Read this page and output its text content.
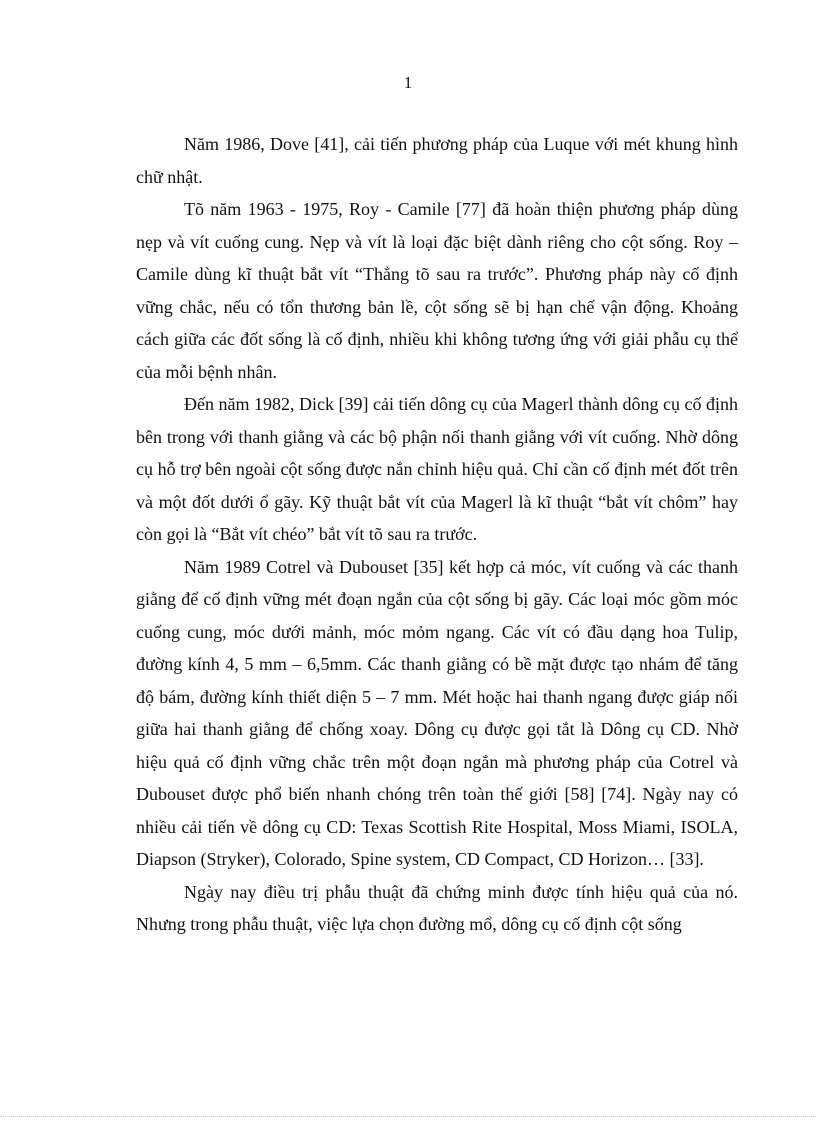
1

Năm 1986, Dove [41], cải tiến phương pháp của Luque với mét khung hình chữ nhật.

Tõ năm 1963 - 1975, Roy - Camile [77] đã hoàn thiện phương pháp dùng nẹp và vít cuống cung. Nẹp và vít là loại đặc biệt dành riêng cho cột sống. Roy – Camile dùng kĩ thuật bắt vít “Thẳng tõ sau ra trước”. Phương pháp này cố định vững chắc, nếu có tổn thương bản lề, cột sống sẽ bị hạn chế vận động. Khoảng cách giữa các đốt sống là cố định, nhiều khi không tương ứng với giải phẫu cụ thể của mỗi bệnh nhân.

Đến năm 1982, Dick [39] cải tiến dông cụ của Magerl thành dông cụ cố định bên trong với thanh giằng và các bộ phận nối thanh giằng với vít cuống. Nhờ dông cụ hỗ trợ bên ngoài cột sống được nắn chỉnh hiệu quả. Chỉ cần cố định mét đốt trên và một đốt dưới ổ gãy. Kỹ thuật bắt vít của Magerl là kĩ thuật “bắt vít chôm” hay còn gọi là “Bắt vít chéo” bắt vít tõ sau ra trước.

Năm 1989 Cotrel và Dubouset [35] kết hợp cả móc, vít cuống và các thanh giằng để cố định vững mét đoạn ngắn của cột sống bị gãy. Các loại móc gồm móc cuống cung, móc dưới mảnh, móc mỏm ngang. Các vít có đầu dạng hoa Tulip, đường kính 4, 5 mm – 6,5mm. Các thanh giằng có bề mặt được tạo nhám để tăng độ bám, đường kính thiết diện 5 – 7 mm. Mét hoặc hai thanh ngang được giáp nối giữa hai thanh giằng để chống xoay. Dông cụ được gọi tắt là Dông cụ CD. Nhờ hiệu quả cố định vững chắc trên một đoạn ngắn mà phương pháp của Cotrel và Dubouset được phổ biến nhanh chóng trên toàn thế giới [58] [74]. Ngày nay có nhiều cải tiến về dông cụ CD: Texas Scottish Rite Hospital, Moss Miami, ISOLA, Diapson (Stryker), Colorado, Spine system, CD Compact, CD Horizon… [33].

Ngày nay điều trị phẫu thuật đã chứng minh được tính hiệu quả của nó. Nhưng trong phẫu thuật, việc lựa chọn đường mổ, dông cụ cố định cột sống
